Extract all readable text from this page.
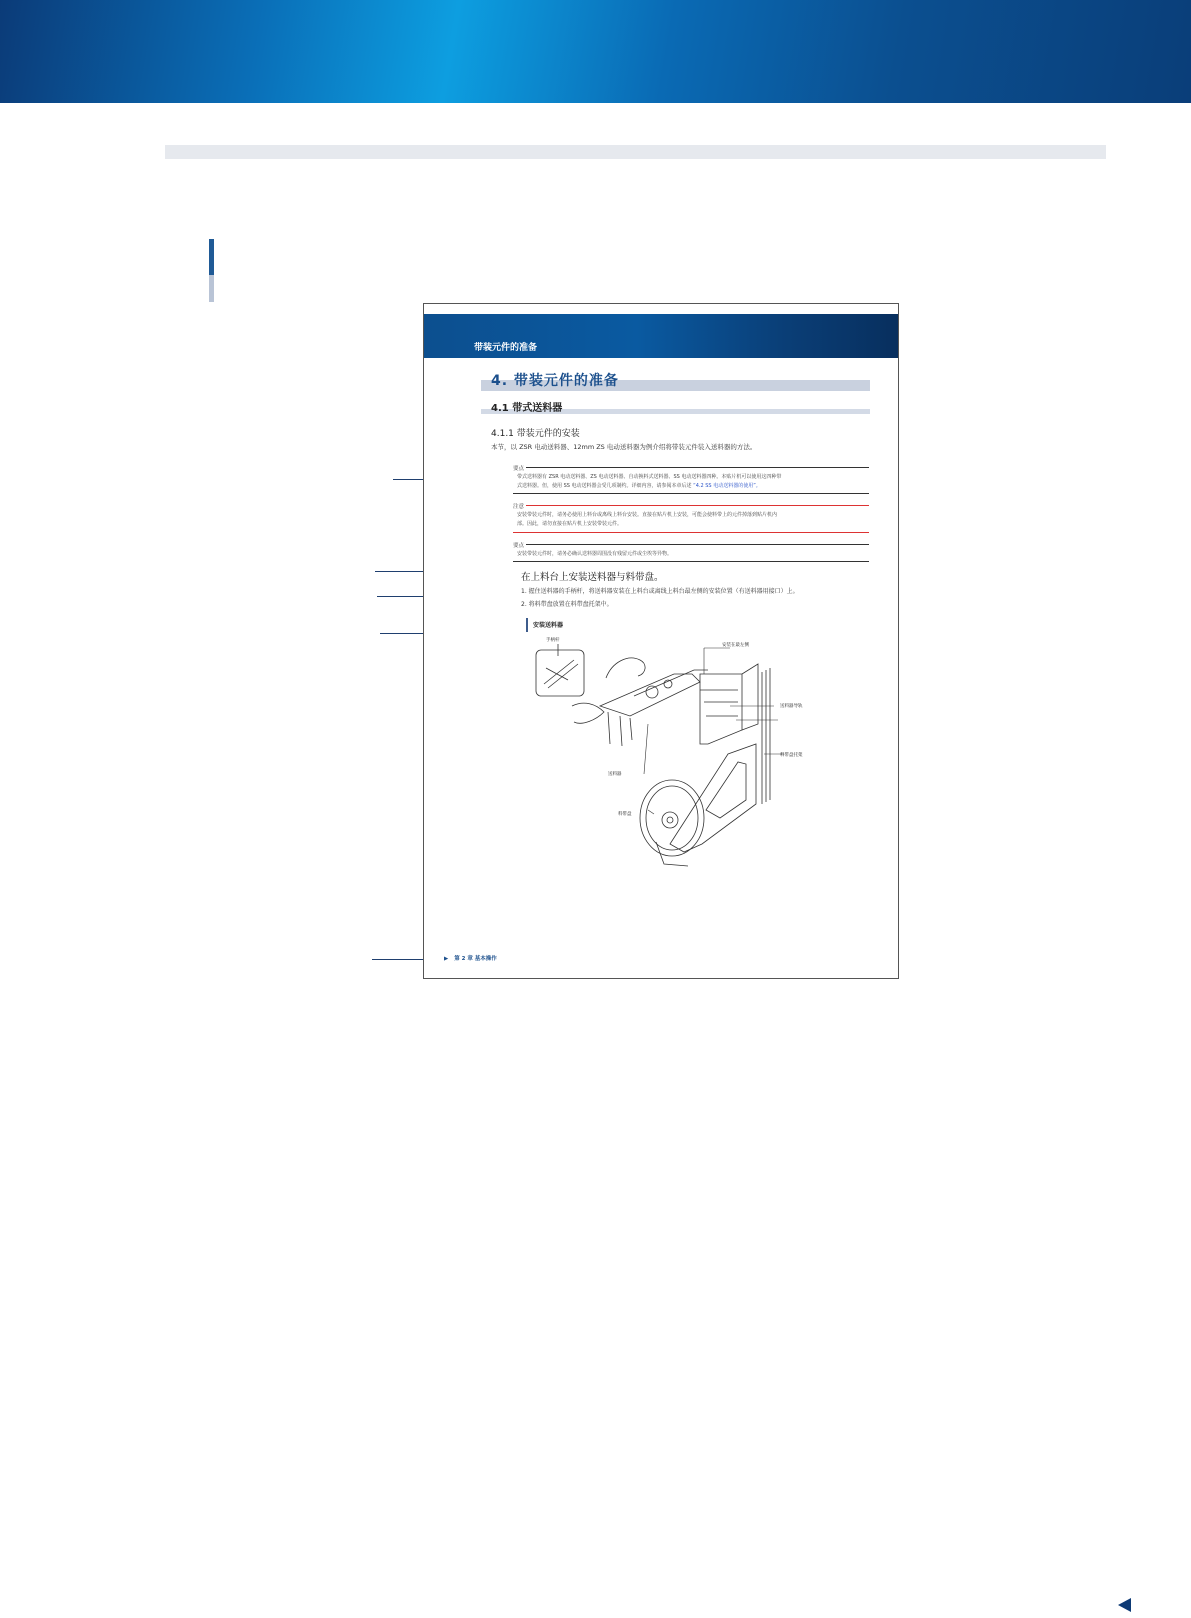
带装元件的准备
4. 带装元件的准备
4.1 带式送料器
4.1.1 带装元件的安装
本节，以 ZSR 电动送料器、12mm ZS 电动送料器为例介绍将带装元件装入送料器的方法。
要点
带式送料器有 ZSR 电动送料器、ZS 电动送料器、自动换料式送料器、SS 电动送料器四种。本贴片机可以使用这四种带
式送料器。但，使用 SS 电动送料器会受几项制约。详细内容，请参阅本章后述 “4.2 SS 电动送料器的使用”。
注意
安装带装元件时，请务必使用上料台或离线上料台安装。直接在贴片机上安装，可能会使料带上的元件掉落到贴片机内
部。因此，请勿直接在贴片机上安装带装元件。
要点
安装带装元件时，请务必确认送料器周围没有残留元件或尘埃等异物。
在上料台上安装送料器与料带盘。
1. 握住送料器的手柄杆，将送料器安装在上料台或离线上料台最左侧的安装位置（有送料器用接口）上。
2. 将料带盘放置在料带盘托架中。
安装送料器
手柄杆
安装在最左侧
送料器导轨
料带盘托架
送料器
料带盘
▶ 第 2 章 基本操作
